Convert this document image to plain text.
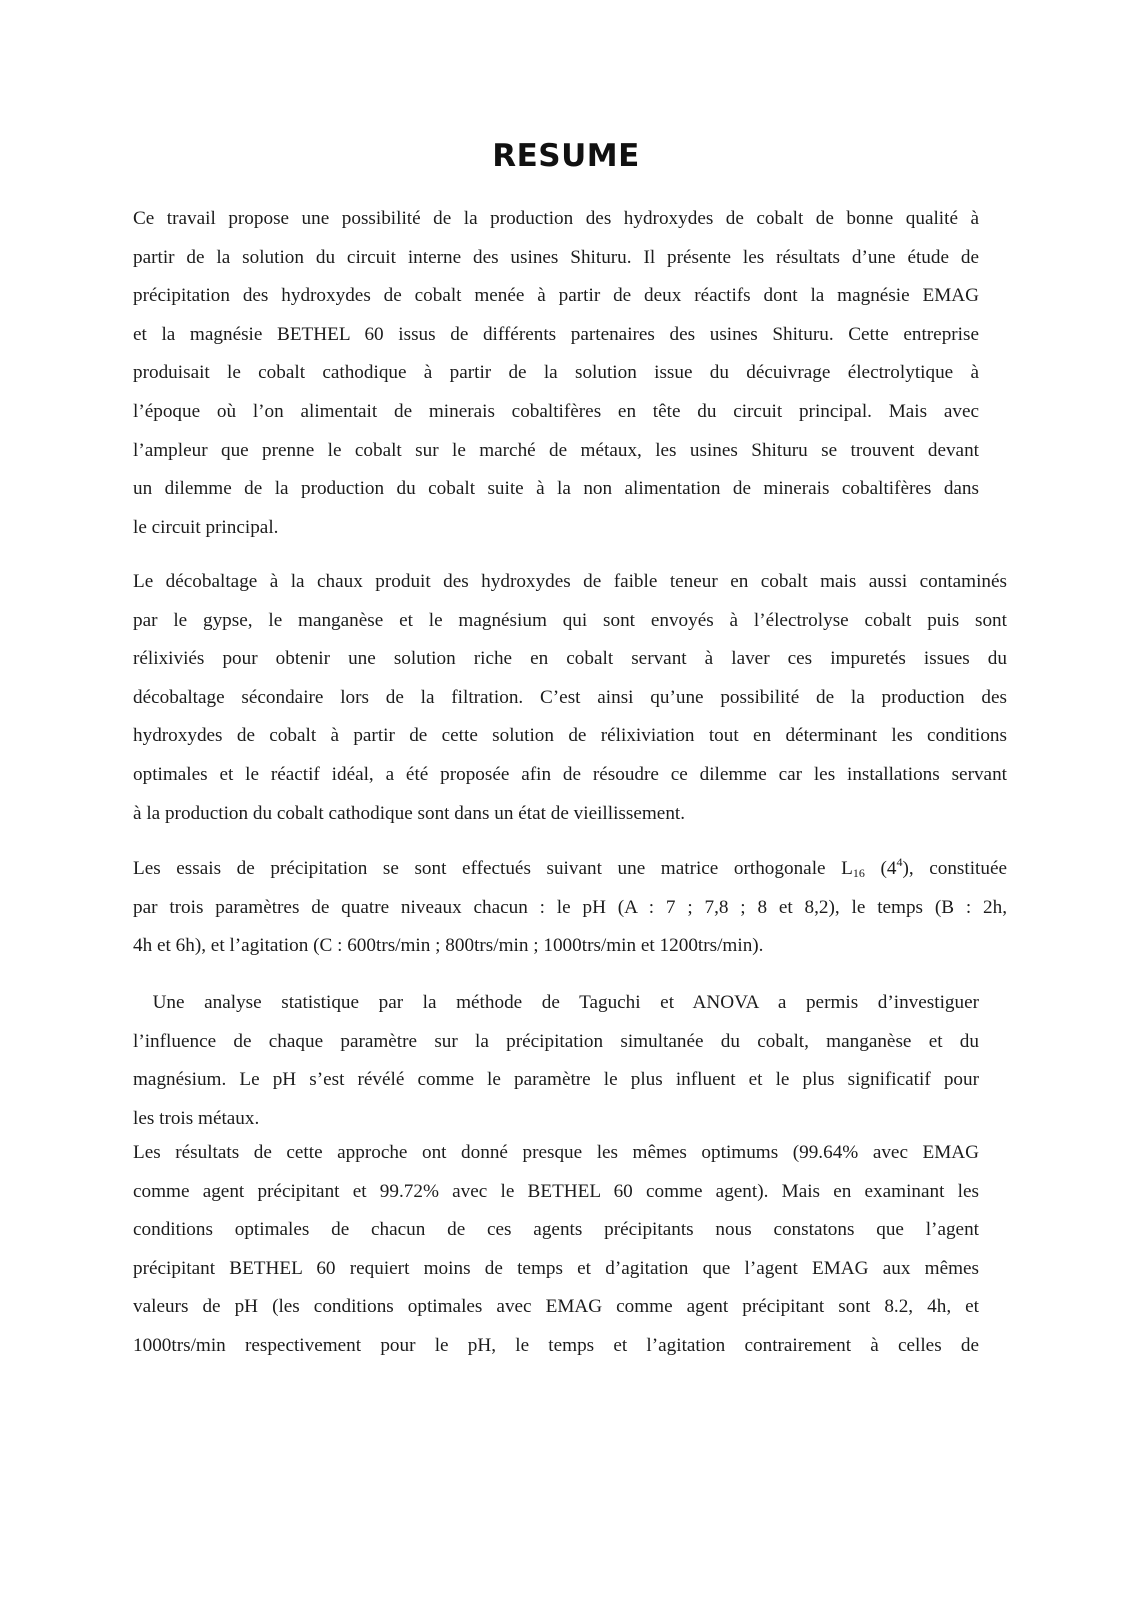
RESUME

Ce travail propose une possibilité de la production des hydroxydes de cobalt de bonne qualité à
partir de la solution du circuit interne des usines Shituru. Il présente les résultats d’une étude de
précipitation des hydroxydes de cobalt menée à partir de deux réactifs dont la magnésie EMAG
et la magnésie BETHEL 60 issus de différents partenaires des usines Shituru. Cette entreprise
produisait le cobalt cathodique à partir de la solution issue du décuivrage électrolytique à
l’époque où l’on alimentait de minerais cobaltifères en tête du circuit principal. Mais avec
l’ampleur que prenne le cobalt sur le marché de métaux, les usines Shituru se trouvent devant
un dilemme de la production du cobalt suite à la non alimentation de minerais cobaltifères dans
le circuit principal.

Le décobaltage à la chaux produit des hydroxydes de faible teneur en cobalt mais aussi contaminés
par le gypse, le manganèse et le magnésium qui sont envoyés à l’électrolyse cobalt puis sont
rélixiviés pour obtenir une solution riche en cobalt servant à laver ces impuretés issues du
décobaltage sécondaire lors de la filtration. C’est ainsi qu’une possibilité de la production des
hydroxydes de cobalt à partir de cette solution de rélixiviation tout en déterminant les conditions
optimales et le réactif idéal, a été proposée afin de résoudre ce dilemme car les installations servant
à la production du cobalt cathodique sont dans un état de vieillissement.

Les essais de précipitation se sont effectués suivant une matrice orthogonale $L_{16}$ $(4^4)$, constituée
par trois paramètres de quatre niveaux chacun : le pH (A : 7 ; 7,8 ; 8 et 8,2), le temps (B : 2h,
4h et 6h), et l’agitation (C : 600trs/min ; 800trs/min ; 1000trs/min et 1200trs/min).

Une analyse statistique par la méthode de Taguchi et ANOVA a permis d’investiguer
l’influence de chaque paramètre sur la précipitation simultanée du cobalt, manganèse et du
magnésium. Le pH s’est révélé comme le paramètre le plus influent et le plus significatif pour
les trois métaux.

Les résultats de cette approche ont donné presque les mêmes optimums (99.64% avec EMAG
comme agent précipitant et 99.72% avec le BETHEL 60 comme agent). Mais en examinant les
conditions optimales de chacun de ces agents précipitants nous constatons que l’agent
précipitant BETHEL 60 requiert moins de temps et d’agitation que l’agent EMAG aux mêmes
valeurs de pH (les conditions optimales avec EMAG comme agent précipitant sont 8.2, 4h, et
1000trs/min respectivement pour le pH, le temps et l’agitation contrairement à celles de
